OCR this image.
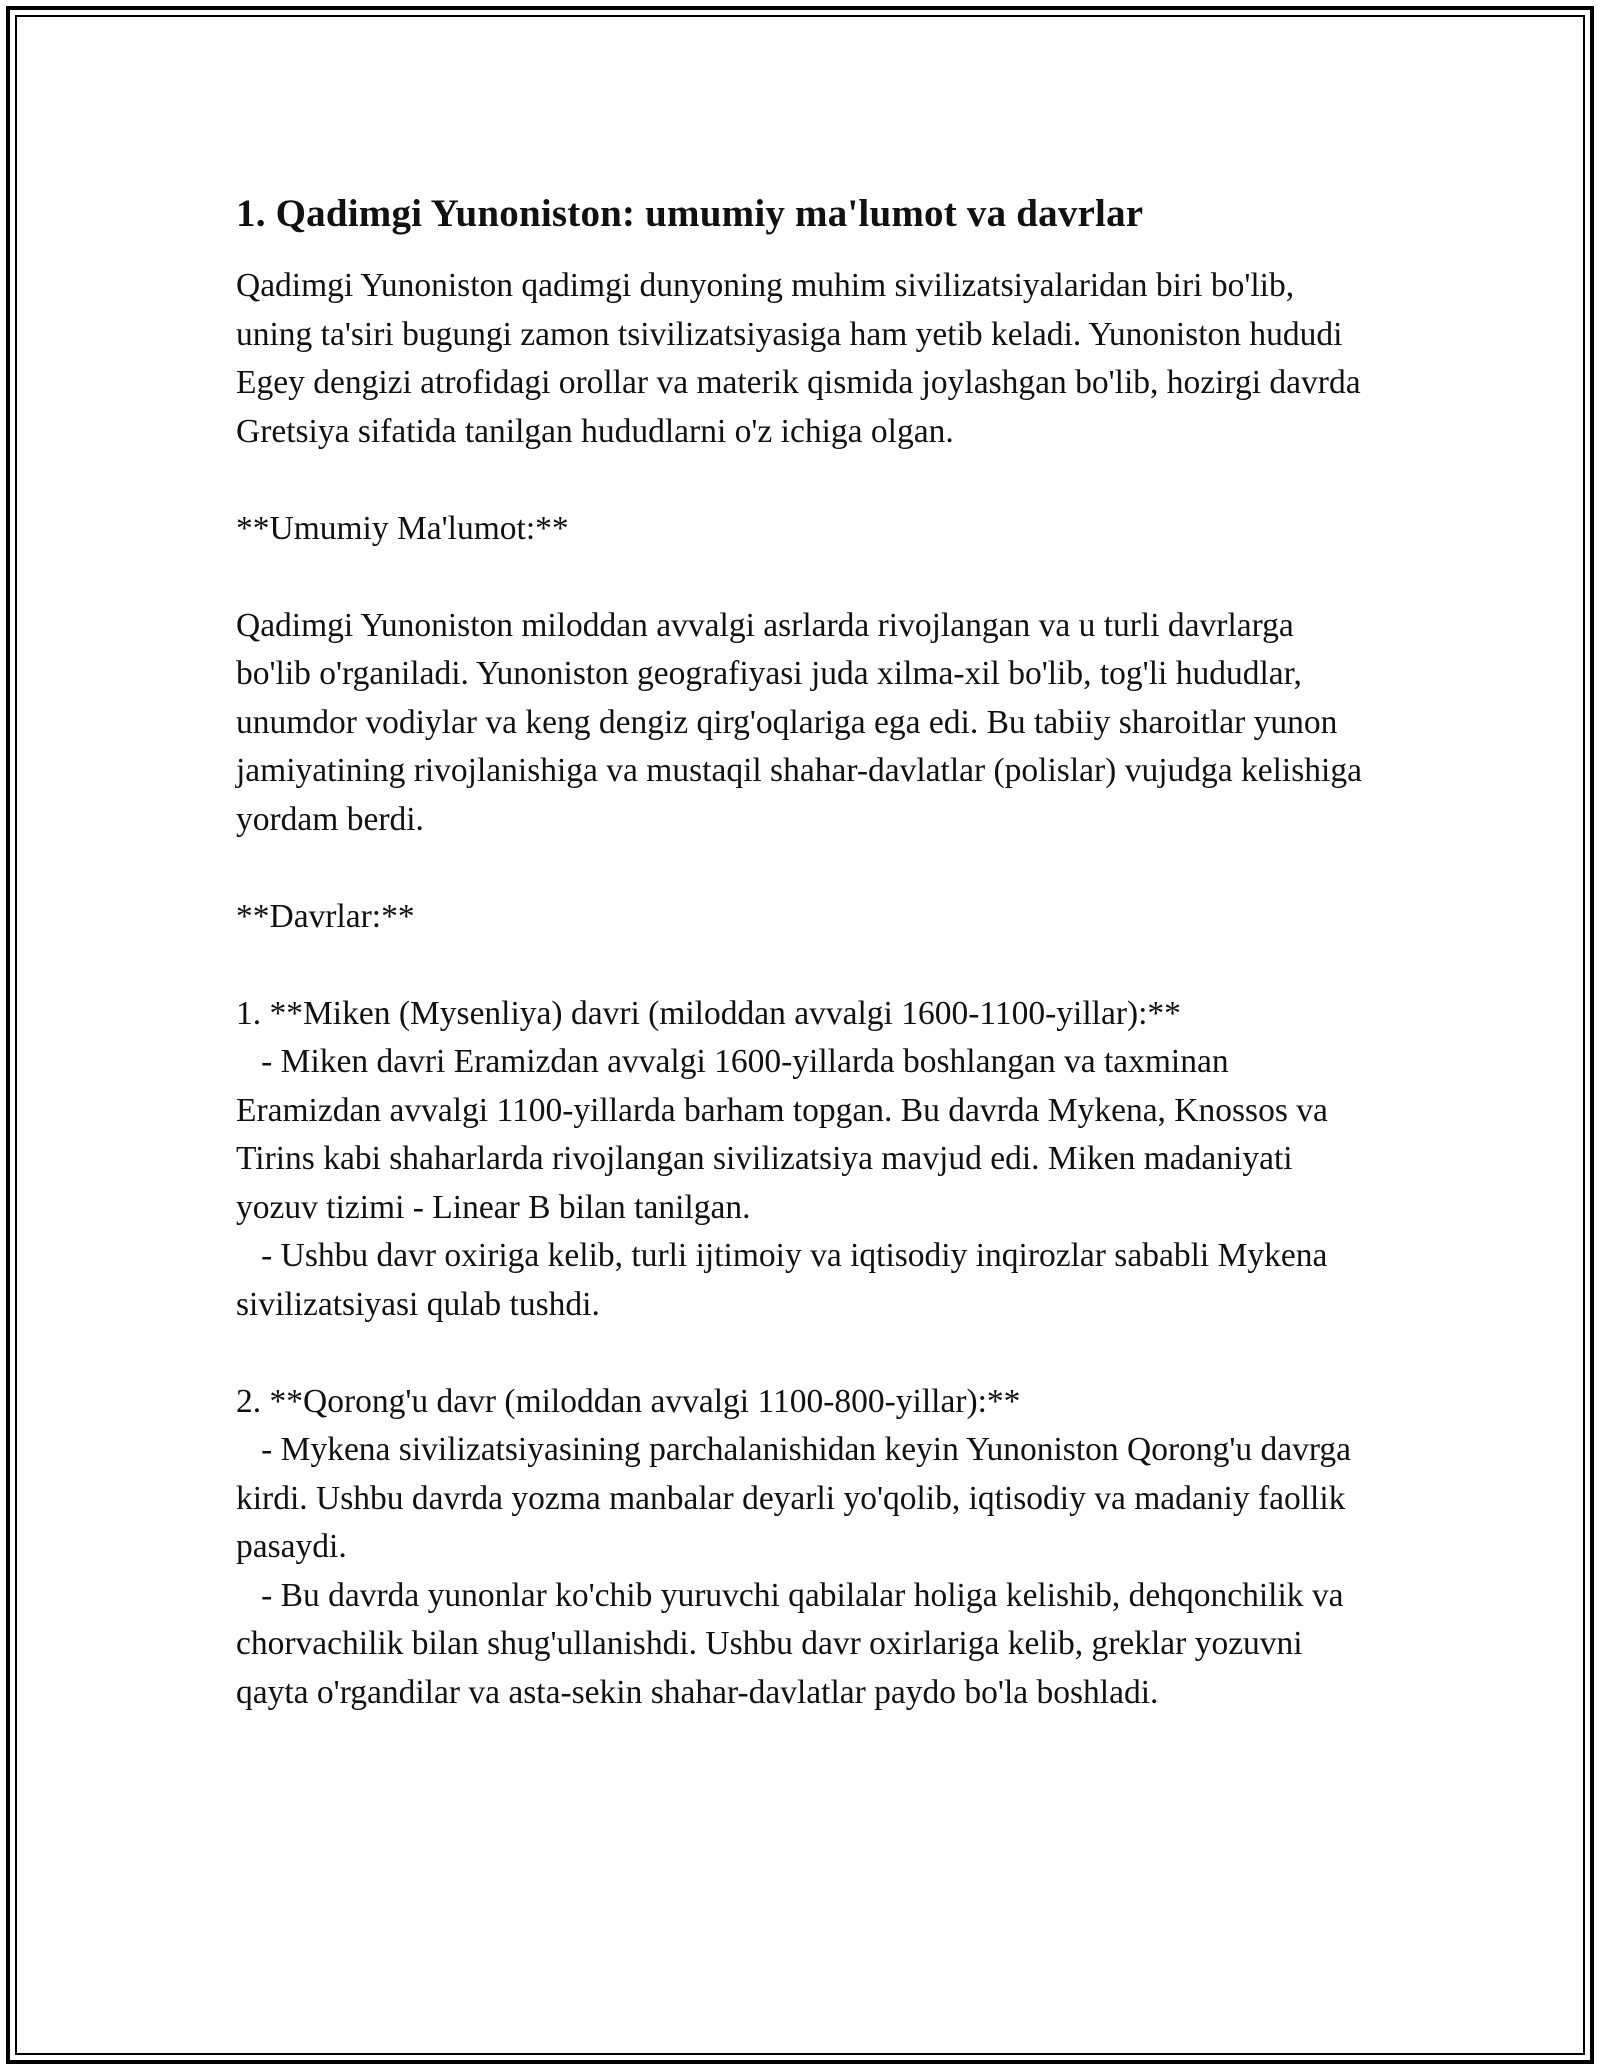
1. Qadimgi Yunoniston: umumiy ma'lumot va davrlar

Qadimgi Yunoniston qadimgi dunyoning muhim sivilizatsiyalaridan biri bo'lib, uning ta'siri bugungi zamon tsivilizatsiyasiga ham yetib keladi. Yunoniston hududi Egey dengizi atrofidagi orollar va materik qismida joylashgan bo'lib, hozirgi davrda Gretsiya sifatida tanilgan hududlarni o'z ichiga olgan.

**Umumiy Ma'lumot:**

Qadimgi Yunoniston miloddan avvalgi asrlarda rivojlangan va u turli davrlarga bo'lib o'rganiladi. Yunoniston geografiyasi juda xilma-xil bo'lib, tog'li hududlar, unumdor vodiylar va keng dengiz qirg'oqlariga ega edi. Bu tabiiy sharoitlar yunon jamiyatining rivojlanishiga va mustaqil shahar-davlatlar (polislar) vujudga kelishiga yordam berdi.

**Davrlar:**

1. **Miken (Mysenliya) davri (miloddan avvalgi 1600-1100-yillar):**

- Miken davri Eramizdan avvalgi 1600-yillarda boshlangan va taxminan Eramizdan avvalgi 1100-yillarda barham topgan. Bu davrda Mykena, Knossos va Tirins kabi shaharlarda rivojlangan sivilizatsiya mavjud edi. Miken madaniyati yozuv tizimi - Linear B bilan tanilgan.

- Ushbu davr oxiriga kelib, turli ijtimoiy va iqtisodiy inqirozlar sababli Mykena sivilizatsiyasi qulab tushdi.

2. **Qorong'u davr (miloddan avvalgi 1100-800-yillar):**

- Mykena sivilizatsiyasining parchalanishidan keyin Yunoniston Qorong'u davrga kirdi. Ushbu davrda yozma manbalar deyarli yo'qolib, iqtisodiy va madaniy faollik pasaydi.

- Bu davrda yunonlar ko'chib yuruvchi qabilalar holiga kelishib, dehqonchilik va chorvachilik bilan shug'ullanishdi. Ushbu davr oxirlariga kelib, greklar yozuvni qayta o'rgandilar va asta-sekin shahar-davlatlar paydo bo'la boshladi.
